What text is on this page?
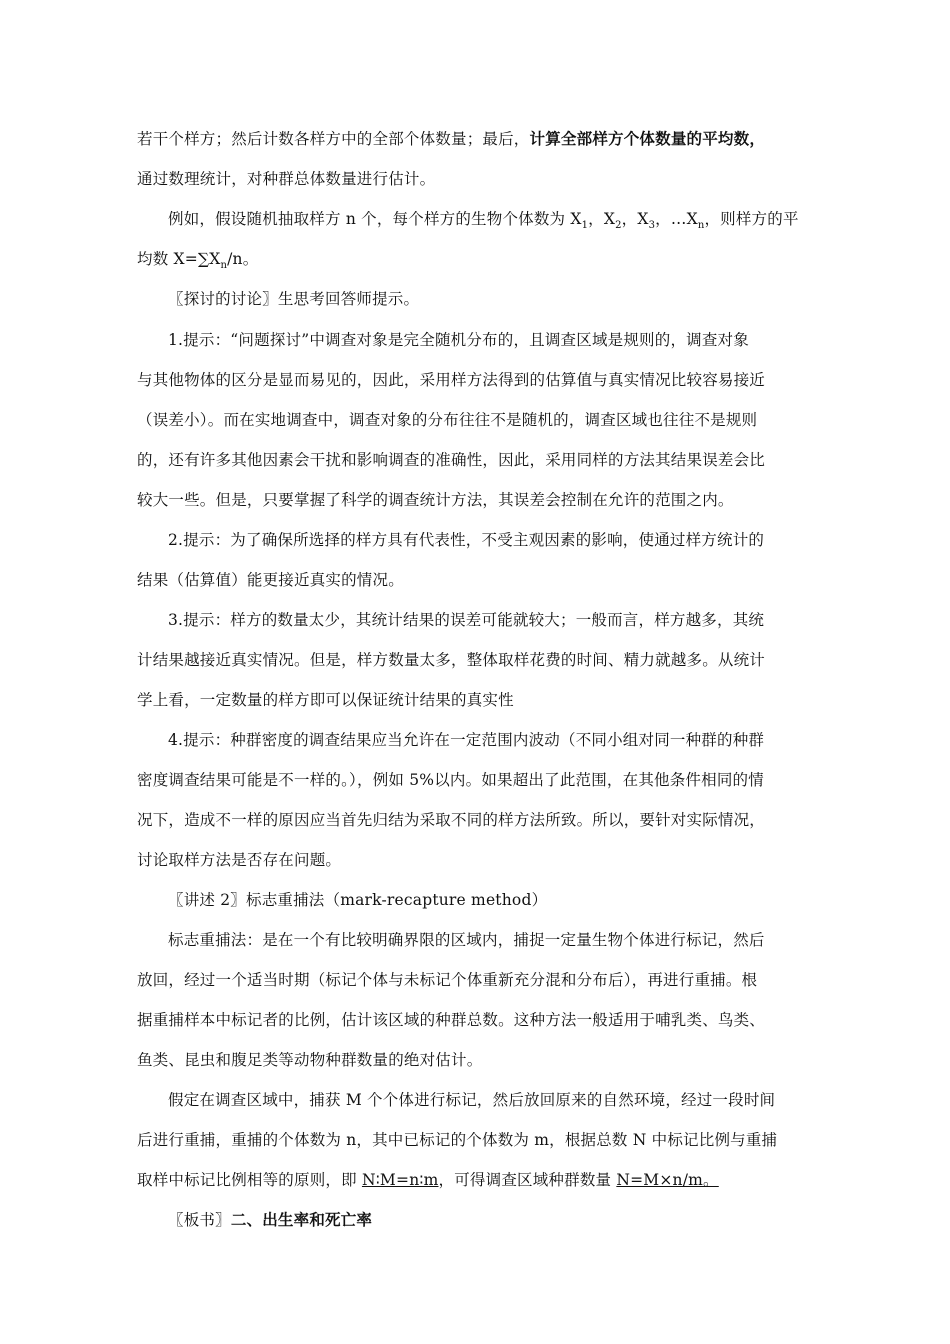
若干个样方；然后计数各样方中的全部个体数量；最后，计算全部样方个体数量的平均数，
通过数理统计，对种群总体数量进行估计。
例如，假设随机抽取样方 n 个，每个样方的生物个体数为 $X_1$，$X_2$，$X_3$，$\dots X_n$，则样方的平
均数 $X=\sum X_n/n$。
〖探讨的讨论〗生思考回答师提示。
1.提示：“问题探讨”中调查对象是完全随机分布的，且调查区域是规则的，调查对象
与其他物体的区分是显而易见的，因此，采用样方法得到的估算值与真实情况比较容易接近
（误差小）。而在实地调查中，调查对象的分布往往不是随机的，调查区域也往往不是规则
的，还有许多其他因素会干扰和影响调查的准确性，因此，采用同样的方法其结果误差会比
较大一些。但是，只要掌握了科学的调查统计方法，其误差会控制在允许的范围之内。
2.提示：为了确保所选择的样方具有代表性，不受主观因素的影响，使通过样方统计的
结果（估算值）能更接近真实的情况。
3.提示：样方的数量太少，其统计结果的误差可能就较大；一般而言，样方越多，其统
计结果越接近真实情况。但是，样方数量太多，整体取样花费的时间、精力就越多。从统计
学上看，一定数量的样方即可以保证统计结果的真实性
4.提示：种群密度的调查结果应当允许在一定范围内波动（不同小组对同一种群的种群
密度调查结果可能是不一样的。），例如 5%以内。如果超出了此范围，在其他条件相同的情
况下，造成不一样的原因应当首先归结为采取不同的样方法所致。所以，要针对实际情况，
讨论取样方法是否存在问题。
〖讲述 2〗标志重捕法（mark-recapture method）
标志重捕法：是在一个有比较明确界限的区域内，捕捉一定量生物个体进行标记，然后
放回，经过一个适当时期（标记个体与未标记个体重新充分混和分布后），再进行重捕。根
据重捕样本中标记者的比例，估计该区域的种群总数。这种方法一般适用于哺乳类、鸟类、
鱼类、昆虫和腹足类等动物种群数量的绝对估计。
假定在调查区域中，捕获 M 个个体进行标记，然后放回原来的自然环境，经过一段时间
后进行重捕，重捕的个体数为 n，其中已标记的个体数为 m，根据总数 N 中标记比例与重捕
取样中标记比例相等的原则，即 N∶M=n∶m，可得调查区域种群数量 N=M×n/m。
〖板书〗二、出生率和死亡率
